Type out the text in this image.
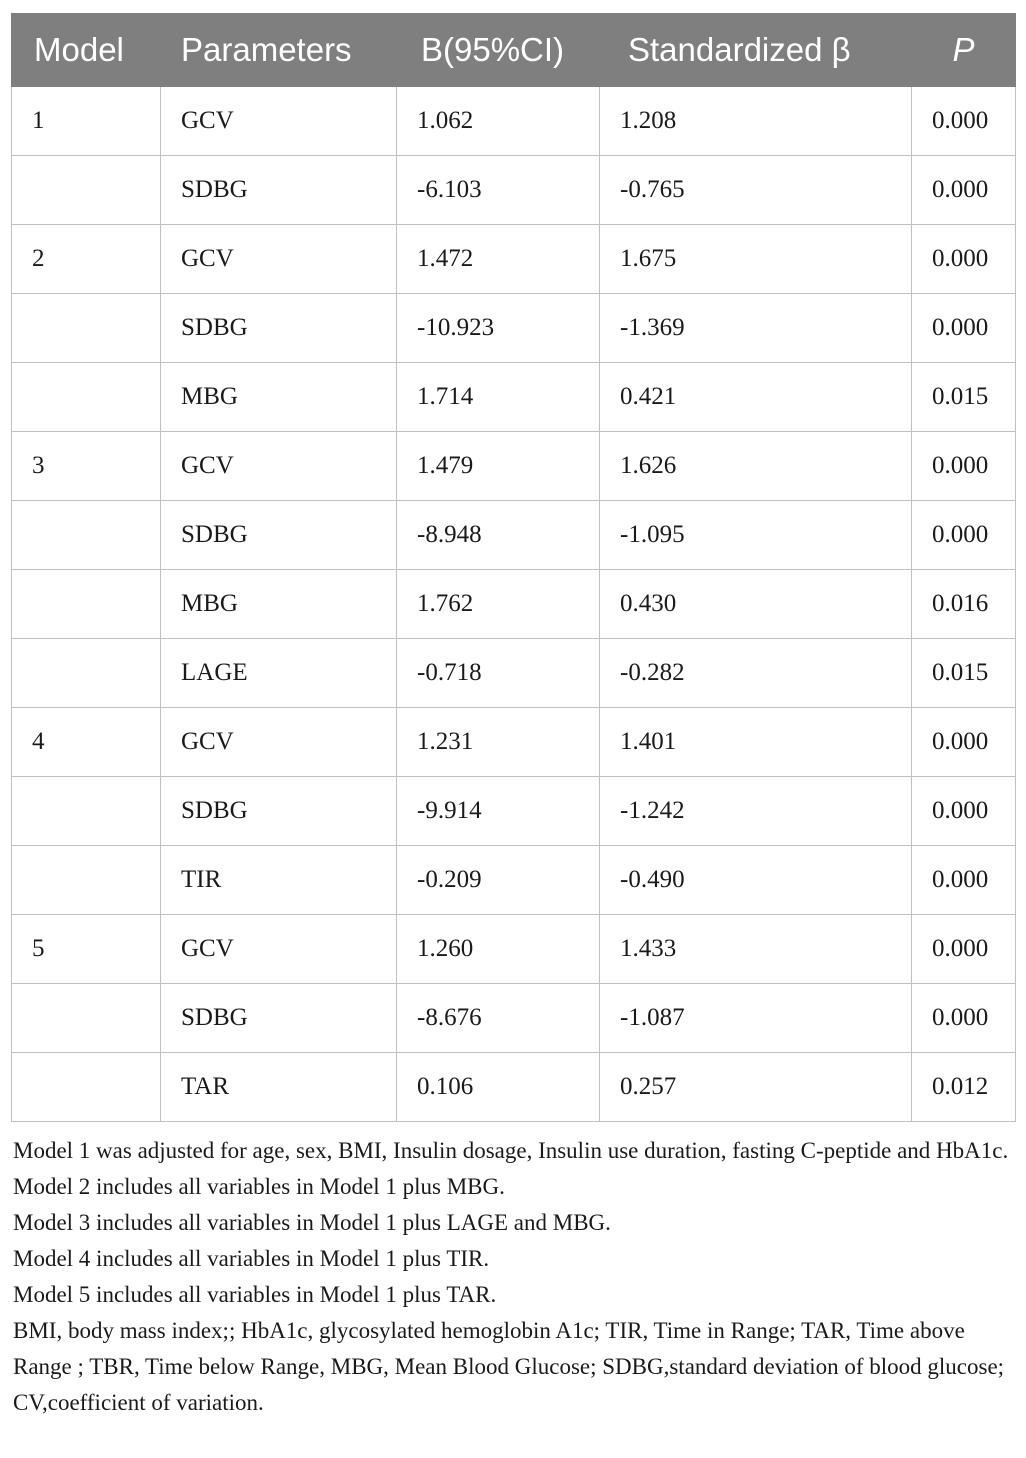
Model	Parameters	B(95%CI)	Standardized β	P
1	GCV	1.062	1.208	0.000
	SDBG	-6.103	-0.765	0.000
2	GCV	1.472	1.675	0.000
	SDBG	-10.923	-1.369	0.000
	MBG	1.714	0.421	0.015
3	GCV	1.479	1.626	0.000
	SDBG	-8.948	-1.095	0.000
	MBG	1.762	0.430	0.016
	LAGE	-0.718	-0.282	0.015
4	GCV	1.231	1.401	0.000
	SDBG	-9.914	-1.242	0.000
	TIR	-0.209	-0.490	0.000
5	GCV	1.260	1.433	0.000
	SDBG	-8.676	-1.087	0.000
	TAR	0.106	0.257	0.012

Model 1 was adjusted for age, sex, BMI, Insulin dosage, Insulin use duration, fasting C-peptide and HbA1c.

Model 2 includes all variables in Model 1 plus MBG.

Model 3 includes all variables in Model 1 plus LAGE and MBG.

Model 4 includes all variables in Model 1 plus TIR.

Model 5 includes all variables in Model 1 plus TAR.

BMI, body mass index;; HbA1c, glycosylated hemoglobin A1c; TIR, Time in Range; TAR, Time above Range ; TBR, Time below Range, MBG, Mean Blood Glucose; SDBG,standard deviation of blood glucose; CV,coefficient of variation.
